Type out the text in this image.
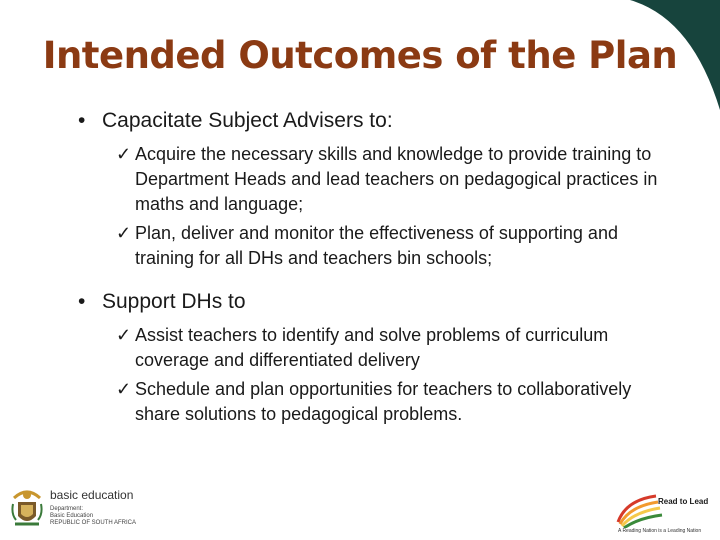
Intended Outcomes of the Plan
• Capacitate Subject Advisers to:
✓ Acquire the necessary skills and knowledge to provide training to Department Heads and lead teachers on pedagogical practices in maths and language;
✓ Plan, deliver and monitor the effectiveness of supporting and training for all DHs and teachers bin schools;
• Support DHs to
✓ Assist teachers to identify and solve problems of curriculum coverage and differentiated delivery
✓ Schedule and plan opportunities for teachers to collaboratively share solutions to pedagogical problems.
basic education
Department:
Basic Education
REPUBLIC OF SOUTH AFRICA
Read to Lead
A Reading Nation is a Leading Nation
